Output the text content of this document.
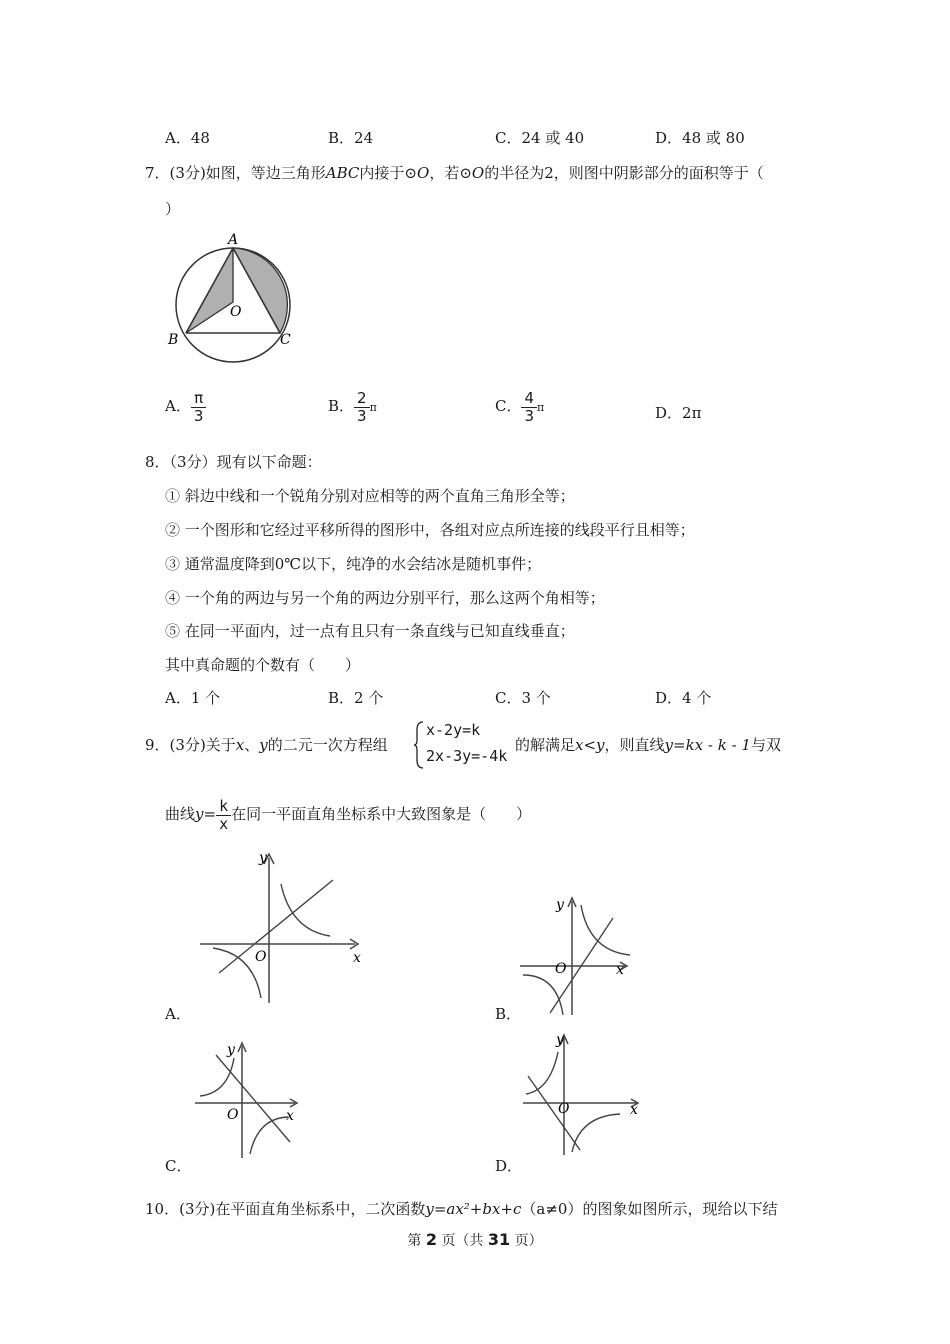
A．48	B．24	C．24 或 40	D．48 或 80
7．(3分)如图，等边三角形ABC内接于⊙O，若⊙O的半径为2，则图中阴影部分的面积等于（
）
A
B	C
O
A． $\frac{\pi}{3}$	B． $\frac{2}{3}$ π	C． $\frac{4}{3}$ π	D．2π
8．（3分）现有以下命题：
① 斜边中线和一个锐角分别对应相等的两个直角三角形全等；
② 一个图形和它经过平移所得的图形中，各组对应点所连接的线段平行且相等；
③ 通常温度降到0℃以下，纯净的水会结冰是随机事件；
④ 一个角的两边与另一个角的两边分别平行，那么这两个角相等；
⑤ 在同一平面内，过一点有且只有一条直线与已知直线垂直；
其中真命题的个数有（　　）
A．1 个	B．2 个	C．3 个	D．4 个
9．(3分)关于x、y的二元一次方程组
x-2y=k
2x-3y=-4k
的解满足x<y，则直线y=kx - k - 1与双
曲线$y= \frac{k}{x}$ 在同一平面直角坐标系中大致图象是（　　）
y
x
O
A．
y
x
O
B．
y
x
O
C．
y
x
O
D．
10．(3分)在平面直角坐标系中，二次函数y=ax²+bx+c（a≠0）的图象如图所示，现给以下结
第 2 页（共 31 页）
